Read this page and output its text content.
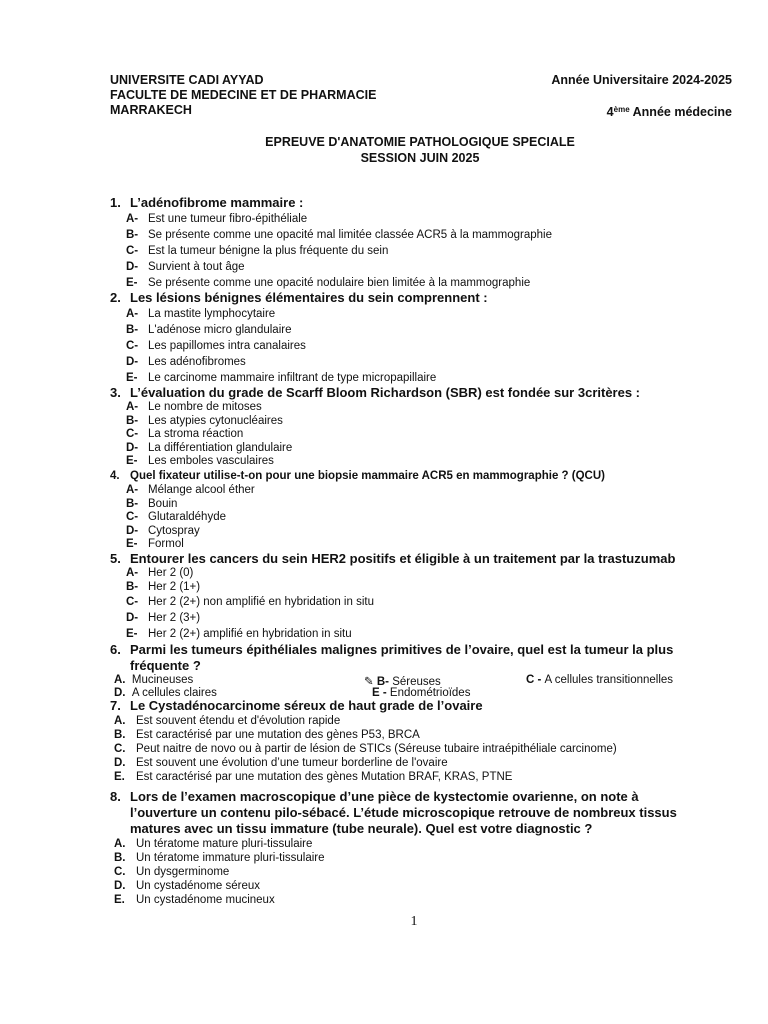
UNIVERSITE CADI AYYAD
FACULTE DE MEDECINE ET DE PHARMACIE
MARRAKECH
Année Universitaire 2024-2025
4ème Année médecine
EPREUVE D'ANATOMIE PATHOLOGIQUE SPECIALE
SESSION JUIN 2025
1. L’adénofibrome mammaire :
A- Est une tumeur fibro-épithéliale
B- Se présente comme une opacité mal limitée classée ACR5 à la mammographie
C- Est la tumeur bénigne la plus fréquente du sein
D- Survient à tout âge
E- Se présente comme une opacité nodulaire bien limitée à la mammographie
2. Les lésions bénignes élémentaires du sein comprennent :
A- La mastite lymphocytaire
B- L'adénose micro glandulaire
C- Les papillomes intra canalaires
D- Les adénofibromes
E- Le carcinome mammaire infiltrant de type micropapillaire
3. L’évaluation du grade de Scarff Bloom Richardson (SBR) est fondée sur 3critères :
A- Le nombre de mitoses
B- Les atypies cytonucléaires
C- La stroma réaction
D- La différentiation glandulaire
E- Les emboles vasculaires
4. Quel fixateur utilise-t-on pour une biopsie mammaire ACR5 en mammographie ? (QCU)
A- Mélange alcool éther
B- Bouin
C- Glutaraldéhyde
D- Cytospray
E- Formol
5. Entourer les cancers du sein HER2 positifs et éligible à un traitement par la trastuzumab
A- Her 2 (0)
B- Her 2 (1+)
C- Her 2 (2+) non amplifié en hybridation in situ
D- Her 2 (3+)
E- Her 2 (2+) amplifié en hybridation in situ
6. Parmi les tumeurs épithéliales malignes primitives de l’ovaire, quel est la tumeur la plus
fréquente ?
A. Mucineuses	✎ B- Séreuses	C - A cellules transitionnelles
D. A cellules claires	E - Endométrioïdes
7. Le Cystadénocarcinome séreux de haut grade de l’ovaire
A. Est souvent étendu et d'évolution rapide
B. Est caractérisé par une mutation des gènes P53, BRCA
C. Peut naitre de novo ou à partir de lésion de STICs (Séreuse tubaire intraépithéliale carcinome)
D. Est souvent une évolution d’une tumeur borderline de l'ovaire
E. Est caractérisé par une mutation des gènes Mutation BRAF, KRAS, PTNE
8. Lors de l’examen macroscopique d’une pièce de kystectomie ovarienne, on note à
l’ouverture un contenu pilo-sébacé. L’étude microscopique retrouve de nombreux tissus
matures avec un tissu immature (tube neurale). Quel est votre diagnostic ?
A. Un tératome mature pluri-tissulaire
B. Un tératome immature pluri-tissulaire
C. Un dysgerminome
D. Un cystadénome séreux
E. Un cystadénome mucineux
1
